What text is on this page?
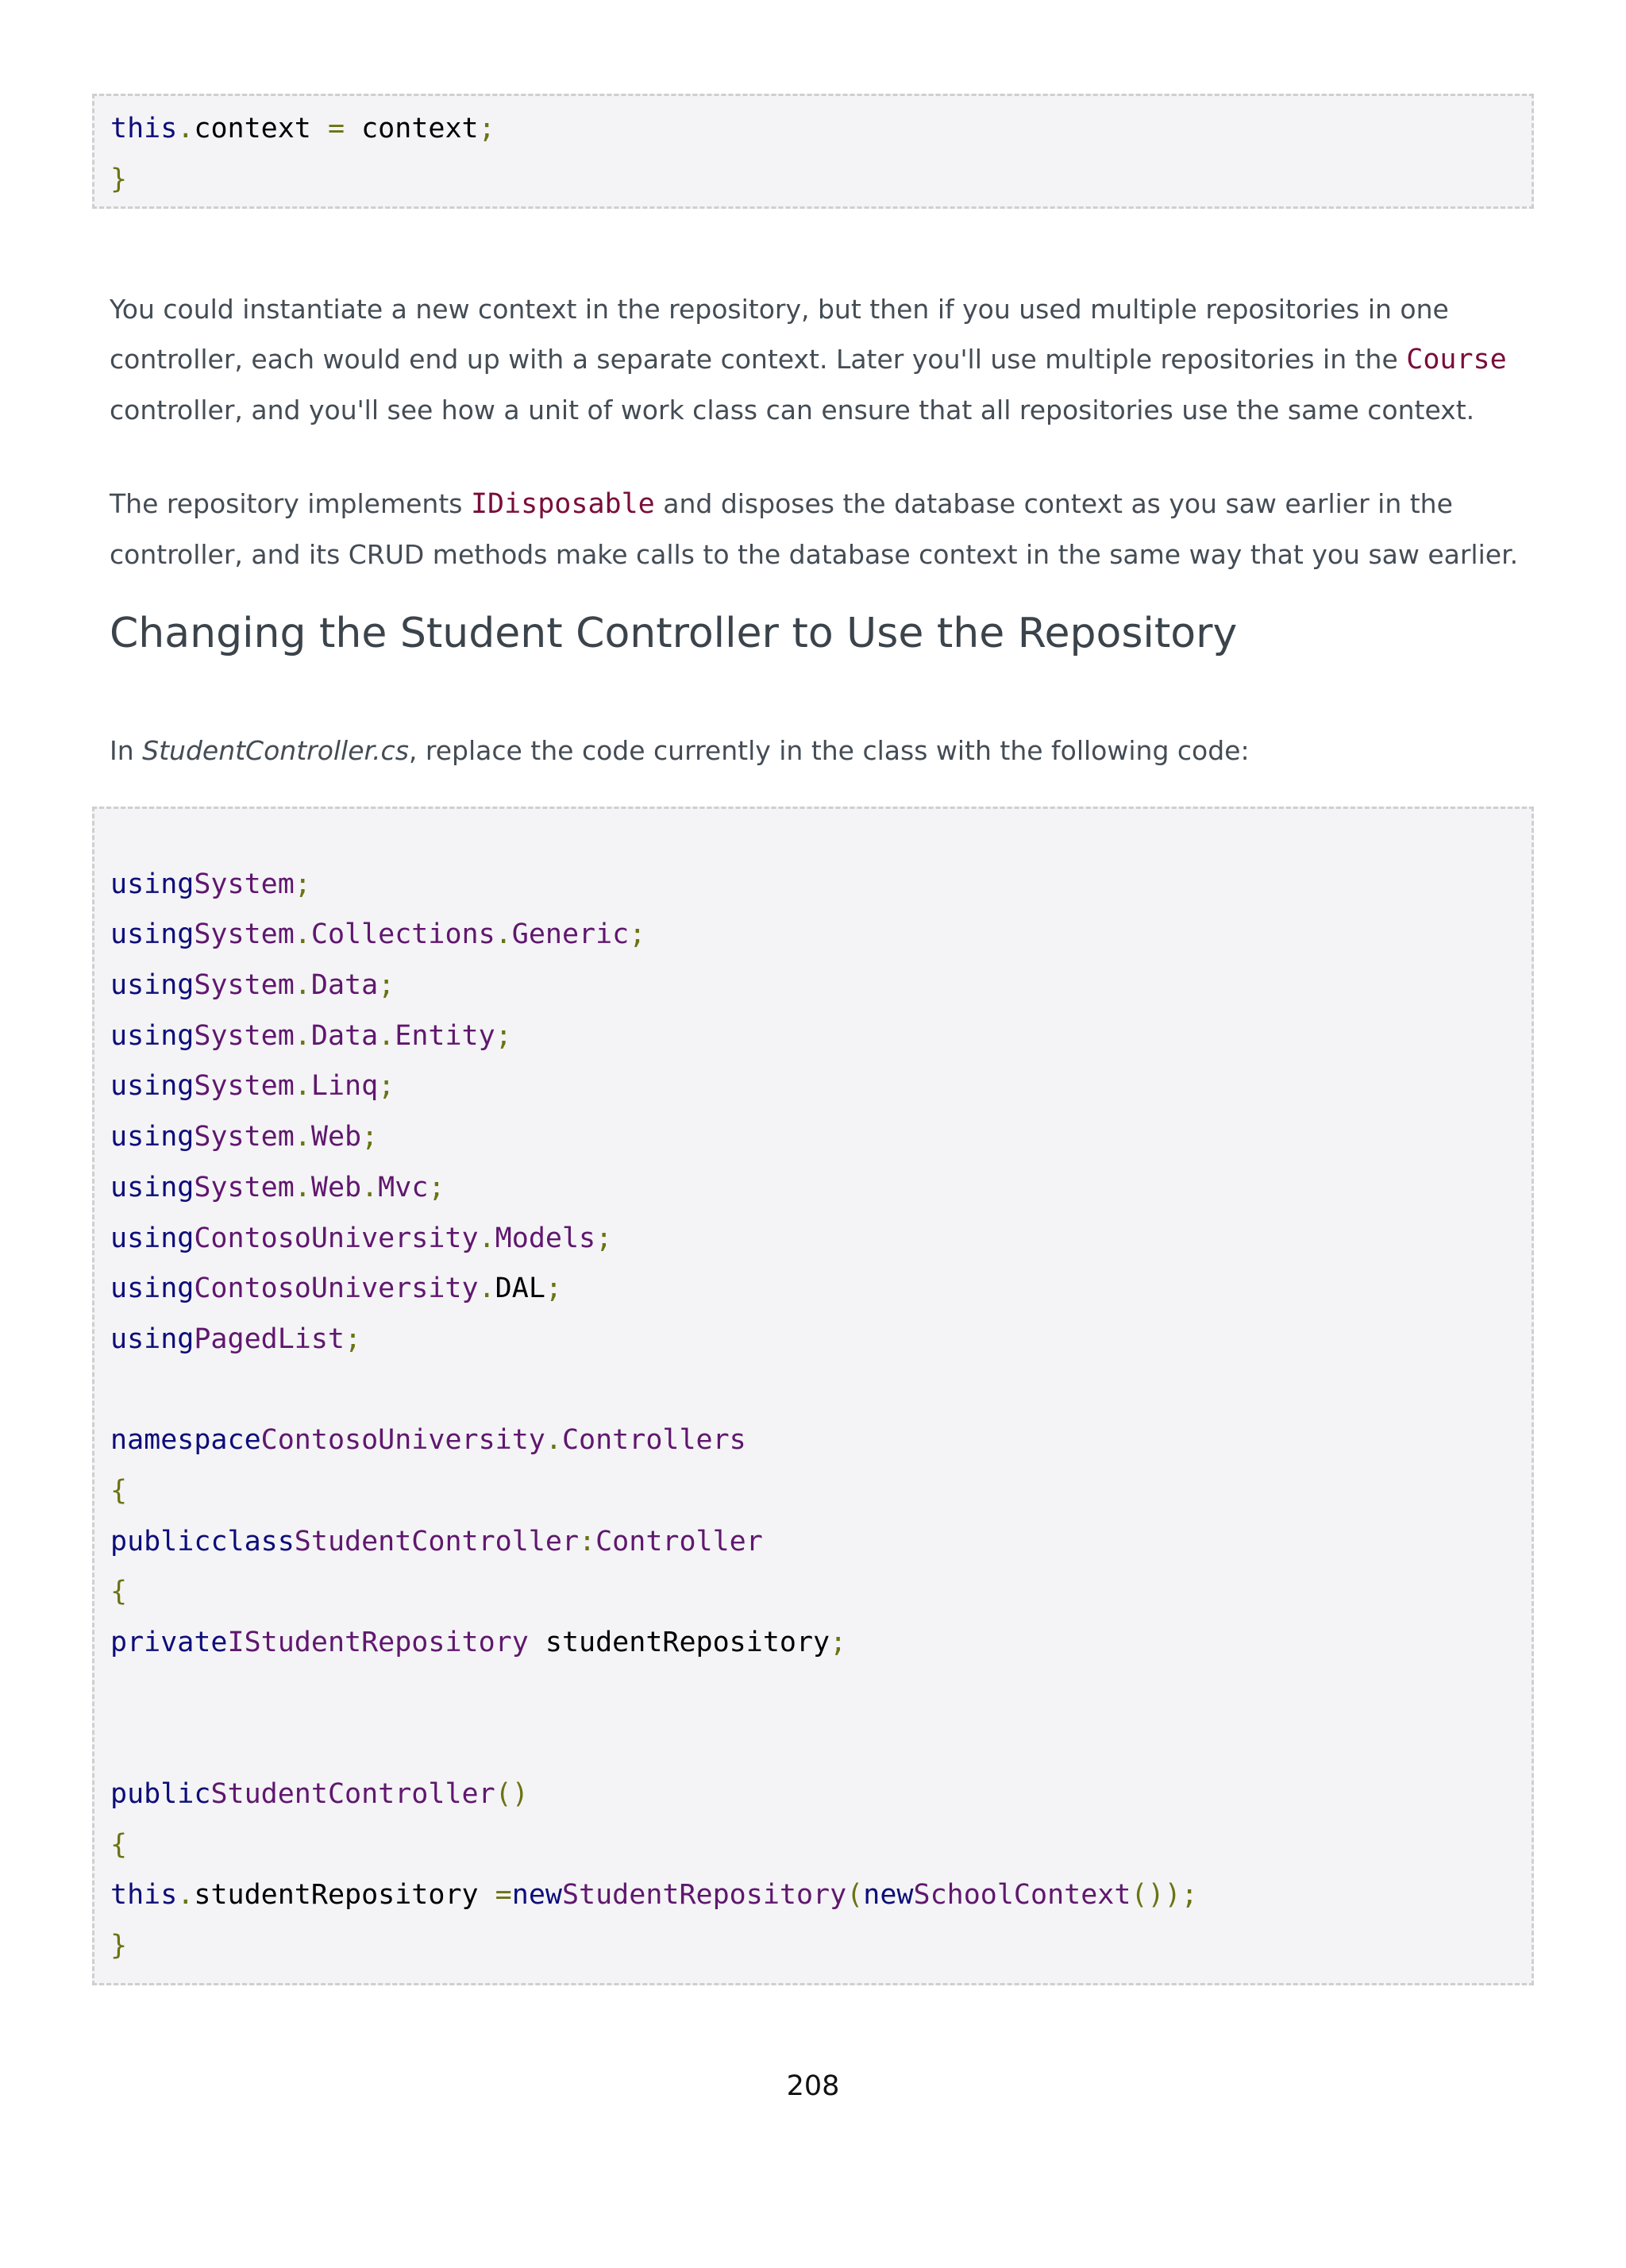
this.context = context;
}

You could instantiate a new context in the repository, but then if you used multiple repositories in one controller, each would end up with a separate context. Later you'll use multiple repositories in the Course controller, and you'll see how a unit of work class can ensure that all repositories use the same context.

The repository implements IDisposable and disposes the database context as you saw earlier in the controller, and its CRUD methods make calls to the database context in the same way that you saw earlier.

Changing the Student Controller to Use the Repository

In StudentController.cs, replace the code currently in the class with the following code:

usingSystem;
usingSystem.Collections.Generic;
usingSystem.Data;
usingSystem.Data.Entity;
usingSystem.Linq;
usingSystem.Web;
usingSystem.Web.Mvc;
usingContosoUniversity.Models;
usingContosoUniversity.DAL;
usingPagedList;
namespaceContosoUniversity.Controllers
{
publicclassStudentController:Controller
{
privateIStudentRepository studentRepository;
publicStudentController()
{
this.studentRepository =newStudentRepository(newSchoolContext());
}
208
